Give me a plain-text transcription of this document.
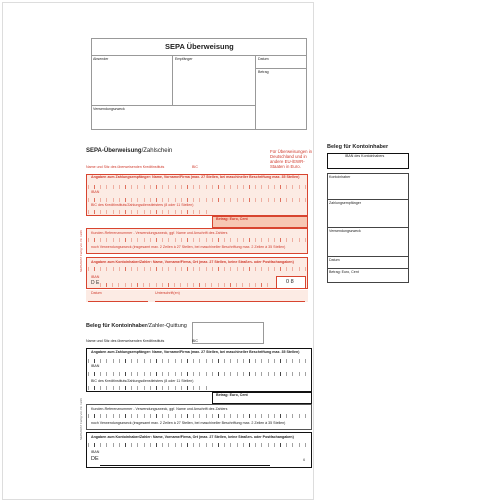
SEPA Überweisung
Absender	Empfänger	Datum
Betrag
Verwendungszweck
SEPA-Überweisung/Zahlschein
Name und Sitz des überweisenden Kreditinstituts	BIC
Für Überweisungen in Deutschland und in andere EU-/EWR-Staaten in Euro.
Angaben zum Zahlungsempfänger: Name, Vorname/Firma (max. 27 Stellen, bei maschineller Beschriftung max. 35 Stellen)
IBAN
BIC des Kreditinstituts/Zahlungsdienstleisters (8 oder 11 Stellen)
Betrag: Euro, Cent
Kunden-Referenznummer - Verwendungszweck, ggf. Name und Anschrift des Zahlers
noch Verwendungszweck (insgesamt max. 2 Zeilen à 27 Stellen, bei maschineller Beschriftung max. 2 Zeilen à 35 Stellen)
Angaben zum Kontoinhaber/Zahler: Name, Vorname/Firma, Ort (max. 27 Stellen, keine Straßen- oder Postfachangaben)
IBAN
D E	0 8
Datum	Unterschrift(en)
SEPA/D/AT Fertig Vor. Nr. 1226
Beleg für Kontoinhaber
IBAN des Kontoinhabers
Kontoinhaber
Zahlungsempfänger
Verwendungszweck
Datum
Betrag: Euro, Cent
Beleg für Kontoinhaber/Zahler-Quittung
Name und Sitz des überweisenden Kreditinstituts	BIC
Angaben zum Zahlungsempfänger: Name, Vorname/Firma (max. 27 Stellen, bei maschineller Beschriftung max. 35 Stellen)
IBAN
BIC des Kreditinstituts/Zahlungsdienstleisters (8 oder 11 Stellen)
Betrag: Euro, Cent
Kunden-Referenznummer - Verwendungszweck, ggf. Name und Anschrift des Zahlers
noch Verwendungszweck (insgesamt max. 2 Zeilen à 27 Stellen, bei maschineller Beschriftung max. 2 Zeilen à 35 Stellen)
Angaben zum Kontoinhaber/Zahler: Name, Vorname/Firma, Ort (max. 27 Stellen, keine Straßen- oder Postfachangaben)
IBAN
DE	6
SEPA/D/AT Fertig Vor. Nr. 1226
